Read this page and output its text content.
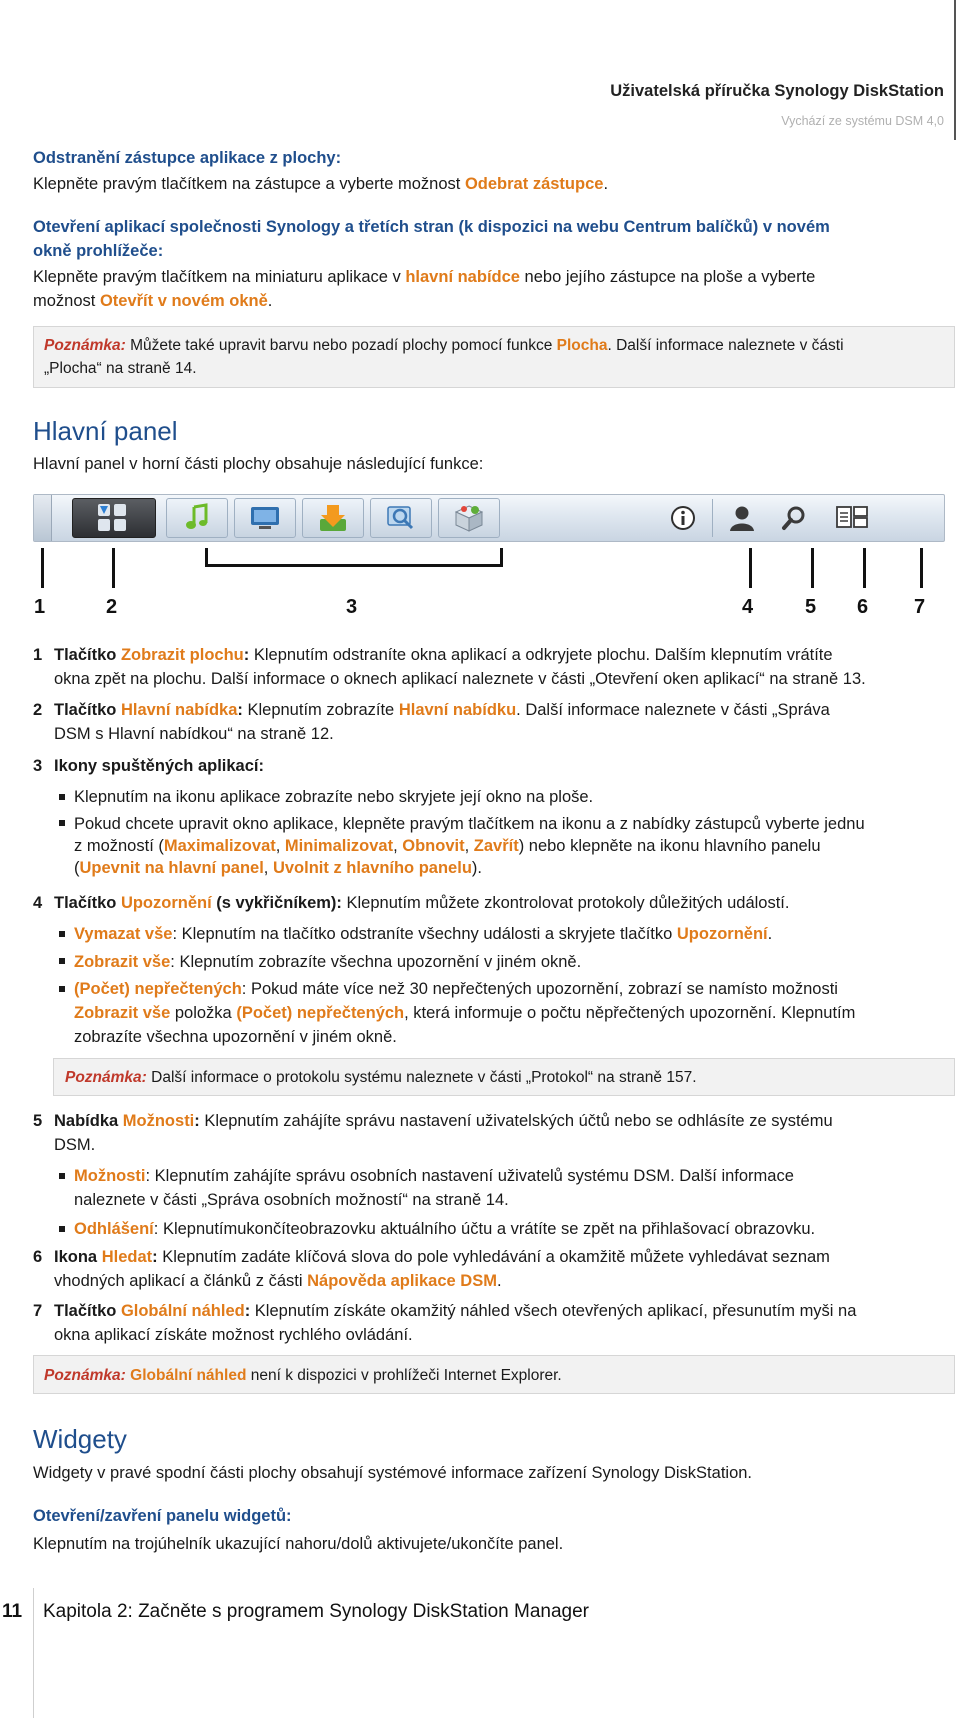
Uživatelská příručka Synology DiskStation
Vychází ze systému DSM 4,0
Odstranění zástupce aplikace z plochy:
Klepněte pravým tlačítkem na zástupce a vyberte možnost Odebrat zástupce.
Otevření aplikací společnosti Synology a třetích stran (k dispozici na webu Centrum balíčků) v novém
okně prohlížeče:
Klepněte pravým tlačítkem na miniaturu aplikace v hlavní nabídce nebo jejího zástupce na ploše a vyberte
možnost Otevřít v novém okně.
Poznámka: Můžete také upravit barvu nebo pozadí plochy pomocí funkce Plocha. Další informace naleznete v části
„Plocha“ na straně 14.
Hlavní panel
Hlavní panel v horní části plochy obsahuje následující funkce:
1	2	3	4	5 6 7
1 Tlačítko Zobrazit plochu: Klepnutím odstraníte okna aplikací a odkryjete plochu. Dalším klepnutím vrátíte
okna zpět na plochu. Další informace o oknech aplikací naleznete v části „Otevření oken aplikací“ na straně 13.
2 Tlačítko Hlavní nabídka: Klepnutím zobrazíte Hlavní nabídku. Další informace naleznete v části „Správa
DSM s Hlavní nabídkou“ na straně 12.
3 Ikony spuštěných aplikací:
Klepnutím na ikonu aplikace zobrazíte nebo skryjete její okno na ploše.
Pokud chcete upravit okno aplikace, klepněte pravým tlačítkem na ikonu a z nabídky zástupců vyberte jednu
z možností (Maximalizovat, Minimalizovat, Obnovit, Zavřít) nebo klepněte na ikonu hlavního panelu
(Upevnit na hlavní panel, Uvolnit z hlavního panelu).
4 Tlačítko Upozornění (s vykřičníkem): Klepnutím můžete zkontrolovat protokoly důležitých událostí.
Vymazat vše: Klepnutím na tlačítko odstraníte všechny události a skryjete tlačítko Upozornění.
Zobrazit vše: Klepnutím zobrazíte všechna upozornění v jiném okně.
(Počet) nepřečtených: Pokud máte více než 30 nepřečtených upozornění, zobrazí se namísto možnosti
Zobrazit vše položka (Počet) nepřečtených, která informuje o počtu něpřečtených upozornění. Klepnutím
zobrazíte všechna upozornění v jiném okně.
Poznámka: Další informace o protokolu systému naleznete v části „Protokol“ na straně 157.
5 Nabídka Možnosti: Klepnutím zahájíte správu nastavení uživatelských účtů nebo se odhlásíte ze systému
DSM.
Možnosti: Klepnutím zahájíte správu osobních nastavení uživatelů systému DSM. Další informace
naleznete v části „Správa osobních možností“ na straně 14.
Odhlášení: Klepnutímukončíteobrazovku aktuálního účtu a vrátíte se zpět na přihlašovací obrazovku.
6 Ikona Hledat: Klepnutím zadáte klíčová slova do pole vyhledávání a okamžitě můžete vyhledávat seznam
vhodných aplikací a článků z části Nápověda aplikace DSM.
7 Tlačítko Globální náhled: Klepnutím získáte okamžitý náhled všech otevřených aplikací, přesunutím myši na
okna aplikací získáte možnost rychlého ovládání.
Poznámka: Globální náhled není k dispozici v prohlížeči Internet Explorer.
Widgety
Widgety v pravé spodní části plochy obsahují systémové informace zařízení Synology DiskStation.
Otevření/zavření panelu widgetů:
Klepnutím na trojúhelník ukazující nahoru/dolů aktivujete/ukončíte panel.
11 Kapitola 2: Začněte s programem Synology DiskStation Manager
